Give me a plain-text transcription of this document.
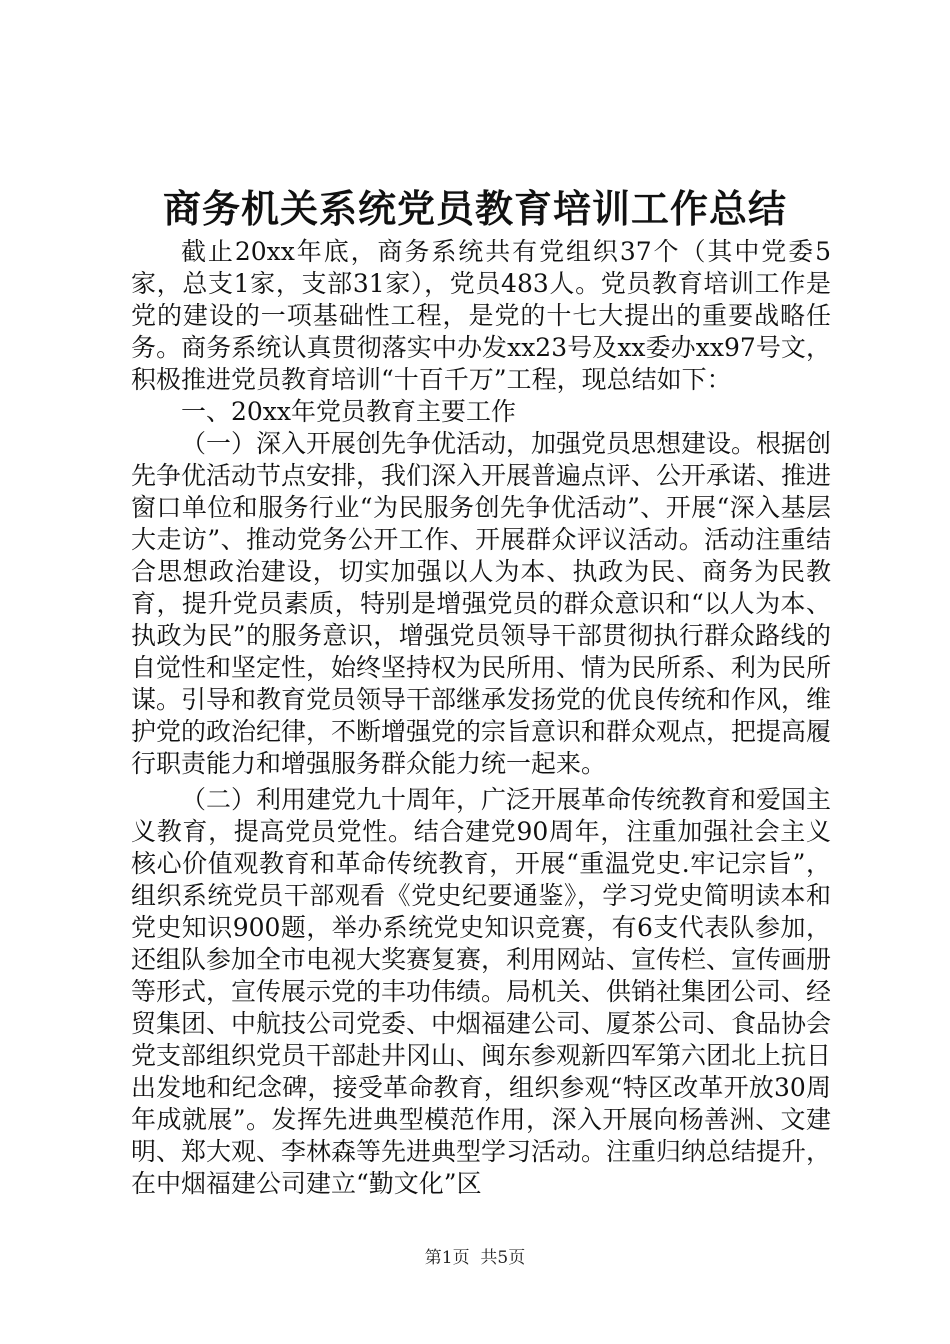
商务机关系统党员教育培训工作总结

截止20xx年底，商务系统共有党组织37个（其中党委5家，总支1家，支部31家），党员483人。党员教育培训工作是党的建设的一项基础性工程，是党的十七大提出的重要战略任务。商务系统认真贯彻落实中办发xx23号及xx委办xx97号文，积极推进党员教育培训“十百千万”工程，现总结如下：

一、20xx年党员教育主要工作

（一）深入开展创先争优活动，加强党员思想建设。根据创先争优活动节点安排，我们深入开展普遍点评、公开承诺、推进窗口单位和服务行业“为民服务创先争优活动”、开展“深入基层大走访”、推动党务公开工作、开展群众评议活动。活动注重结合思想政治建设，切实加强以人为本、执政为民、商务为民教育，提升党员素质，特别是增强党员的群众意识和“以人为本、执政为民”的服务意识，增强党员领导干部贯彻执行群众路线的自觉性和坚定性，始终坚持权为民所用、情为民所系、利为民所谋。引导和教育党员领导干部继承发扬党的优良传统和作风，维护党的政治纪律，不断增强党的宗旨意识和群众观点，把提高履行职责能力和增强服务群众能力统一起来。

（二）利用建党九十周年，广泛开展革命传统教育和爱国主义教育，提高党员党性。结合建党90周年，注重加强社会主义核心价值观教育和革命传统教育，开展“重温党史.牢记宗旨”，组织系统党员干部观看《党史纪要通鉴》，学习党史简明读本和党史知识900题，举办系统党史知识竞赛，有6支代表队参加，还组队参加全市电视大奖赛复赛，利用网站、宣传栏、宣传画册等形式，宣传展示党的丰功伟绩。局机关、供销社集团公司、经贸集团、中航技公司党委、中烟福建公司、厦茶公司、食品协会党支部组织党员干部赴井冈山、闽东参观新四军第六团北上抗日出发地和纪念碑，接受革命教育，组织参观“特区改革开放30周年成就展”。发挥先进典型模范作用，深入开展向杨善洲、文建明、郑大观、李林森等先进典型学习活动。注重归纳总结提升，在中烟福建公司建立“勤文化”区

第1页  共5页
